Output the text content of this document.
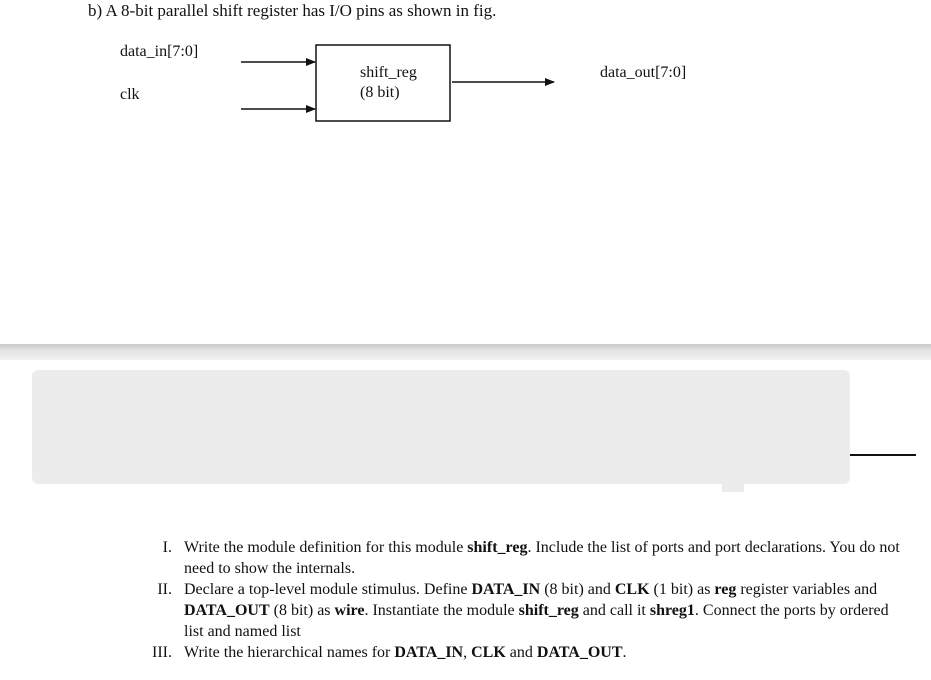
b) A 8-bit parallel shift register has I/O pins as shown in fig.
data_in[7:0]
clk
data_out[7:0]
shift_reg
(8 bit)
I. Write the module definition for this module shift_reg. Include the list of ports and port declarations. You do not need to show the internals.
II. Declare a top-level module stimulus. Define DATA_IN (8 bit) and CLK (1 bit) as reg register variables and DATA_OUT (8 bit) as wire. Instantiate the module shift_reg and call it shreg1. Connect the ports by ordered list and named list
III. Write the hierarchical names for DATA_IN, CLK and DATA_OUT.
